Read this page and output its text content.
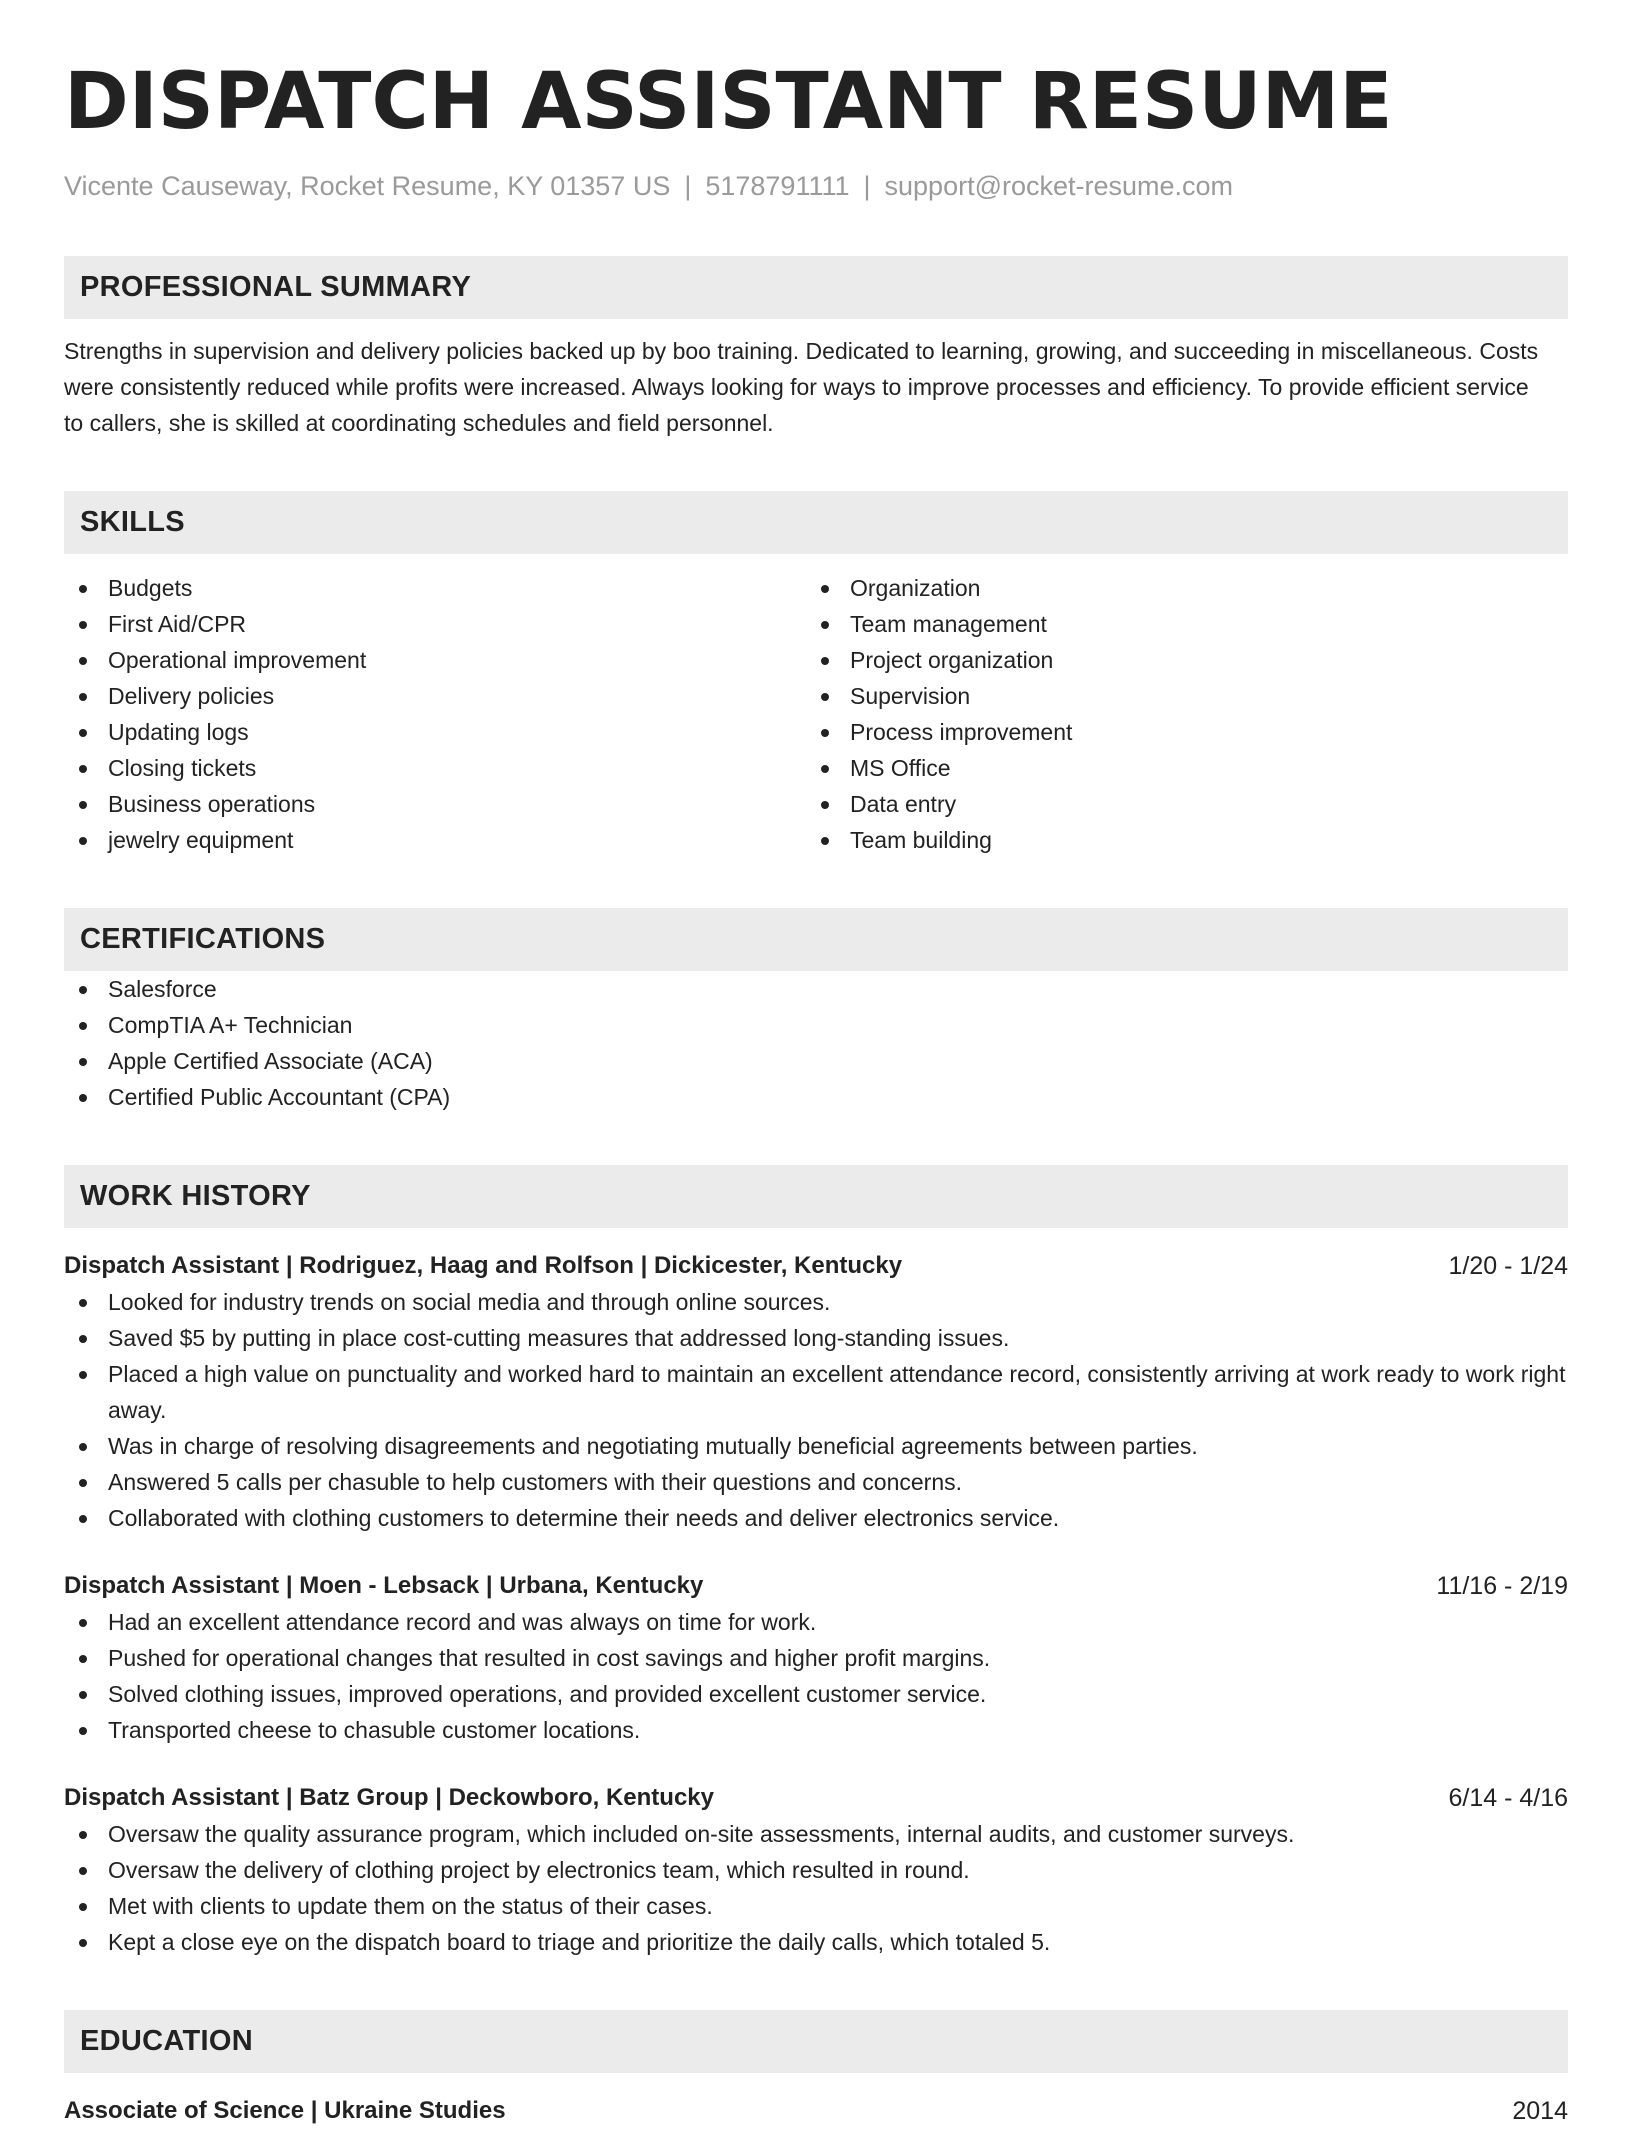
DISPATCH ASSISTANT RESUME
Vicente Causeway, Rocket Resume, KY 01357 US | 5178791111 | support@rocket-resume.com
PROFESSIONAL SUMMARY
Strengths in supervision and delivery policies backed up by boo training. Dedicated to learning, growing, and succeeding in miscellaneous. Costs were consistently reduced while profits were increased. Always looking for ways to improve processes and efficiency. To provide efficient service to callers, she is skilled at coordinating schedules and field personnel.
SKILLS
Budgets
First Aid/CPR
Operational improvement
Delivery policies
Updating logs
Closing tickets
Business operations
jewelry equipment
Organization
Team management
Project organization
Supervision
Process improvement
MS Office
Data entry
Team building
CERTIFICATIONS
Salesforce
CompTIA A+ Technician
Apple Certified Associate (ACA)
Certified Public Accountant (CPA)
WORK HISTORY
Dispatch Assistant | Rodriguez, Haag and Rolfson | Dickicester, Kentucky	1/20 - 1/24
Looked for industry trends on social media and through online sources.
Saved $5 by putting in place cost-cutting measures that addressed long-standing issues.
Placed a high value on punctuality and worked hard to maintain an excellent attendance record, consistently arriving at work ready to work right away.
Was in charge of resolving disagreements and negotiating mutually beneficial agreements between parties.
Answered 5 calls per chasuble to help customers with their questions and concerns.
Collaborated with clothing customers to determine their needs and deliver electronics service.
Dispatch Assistant | Moen - Lebsack | Urbana, Kentucky	11/16 - 2/19
Had an excellent attendance record and was always on time for work.
Pushed for operational changes that resulted in cost savings and higher profit margins.
Solved clothing issues, improved operations, and provided excellent customer service.
Transported cheese to chasuble customer locations.
Dispatch Assistant | Batz Group | Deckowboro, Kentucky	6/14 - 4/16
Oversaw the quality assurance program, which included on-site assessments, internal audits, and customer surveys.
Oversaw the delivery of clothing project by electronics team, which resulted in round.
Met with clients to update them on the status of their cases.
Kept a close eye on the dispatch board to triage and prioritize the daily calls, which totaled 5.
EDUCATION
Associate of Science | Ukraine Studies	2014
